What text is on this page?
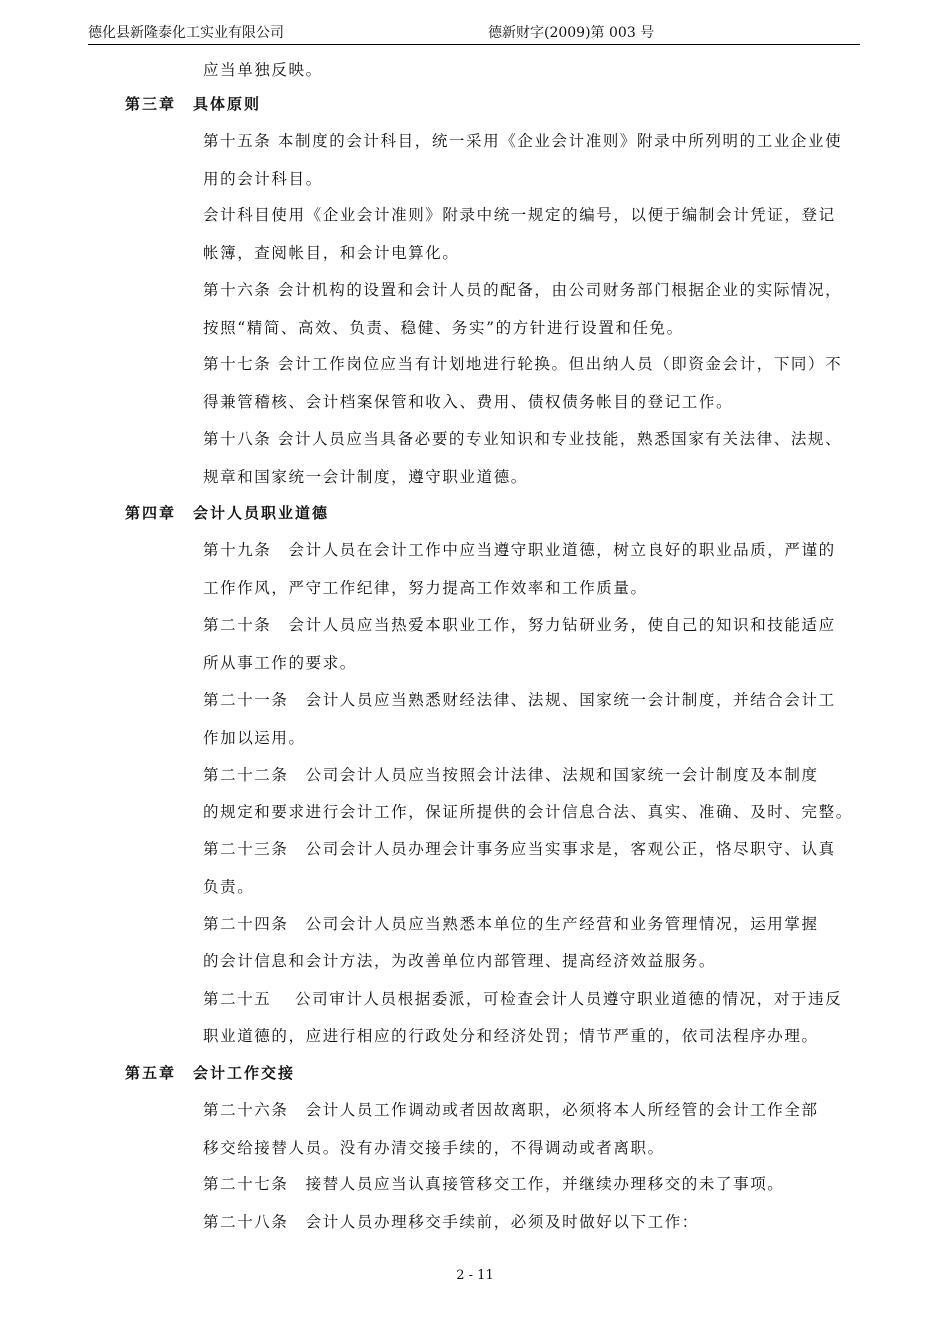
德化县新隆泰化工实业有限公司	德新财字(2009)第 003 号
应当单独反映。
第三章　具体原则
第十五条 本制度的会计科目，统一采用《企业会计准则》附录中所列明的工业企业使
用的会计科目。
会计科目使用《企业会计准则》附录中统一规定的编号，以便于编制会计凭证，登记
帐簿，查阅帐目，和会计电算化。
第十六条 会计机构的设置和会计人员的配备，由公司财务部门根据企业的实际情况，
按照“精简、高效、负责、稳健、务实”的方针进行设置和任免。
第十七条 会计工作岗位应当有计划地进行轮换。但出纳人员（即资金会计，下同）不
得兼管稽核、会计档案保管和收入、费用、债权债务帐目的登记工作。
第十八条 会计人员应当具备必要的专业知识和专业技能，熟悉国家有关法律、法规、
规章和国家统一会计制度，遵守职业道德。
第四章　会计人员职业道德
第十九条　会计人员在会计工作中应当遵守职业道德，树立良好的职业品质，严谨的
工作作风，严守工作纪律，努力提高工作效率和工作质量。
第二十条　会计人员应当热爱本职业工作，努力钻研业务，使自己的知识和技能适应
所从事工作的要求。
第二十一条　会计人员应当熟悉财经法律、法规、国家统一会计制度，并结合会计工
作加以运用。
第二十二条　公司会计人员应当按照会计法律、法规和国家统一会计制度及本制度
的规定和要求进行会计工作，保证所提供的会计信息合法、真实、准确、及时、完整。
第二十三条　公司会计人员办理会计事务应当实事求是，客观公正，恪尽职守、认真
负责。
第二十四条　公司会计人员应当熟悉本单位的生产经营和业务管理情况，运用掌握
的会计信息和会计方法，为改善单位内部管理、提高经济效益服务。
第二十五　 公司审计人员根据委派，可检查会计人员遵守职业道德的情况，对于违反
职业道德的，应进行相应的行政处分和经济处罚；情节严重的，依司法程序办理。
第五章　会计工作交接
第二十六条　会计人员工作调动或者因故离职，必须将本人所经管的会计工作全部
移交给接替人员。没有办清交接手续的，不得调动或者离职。
第二十七条　接替人员应当认真接管移交工作，并继续办理移交的未了事项。
第二十八条　会计人员办理移交手续前，必须及时做好以下工作：
2 - 11
